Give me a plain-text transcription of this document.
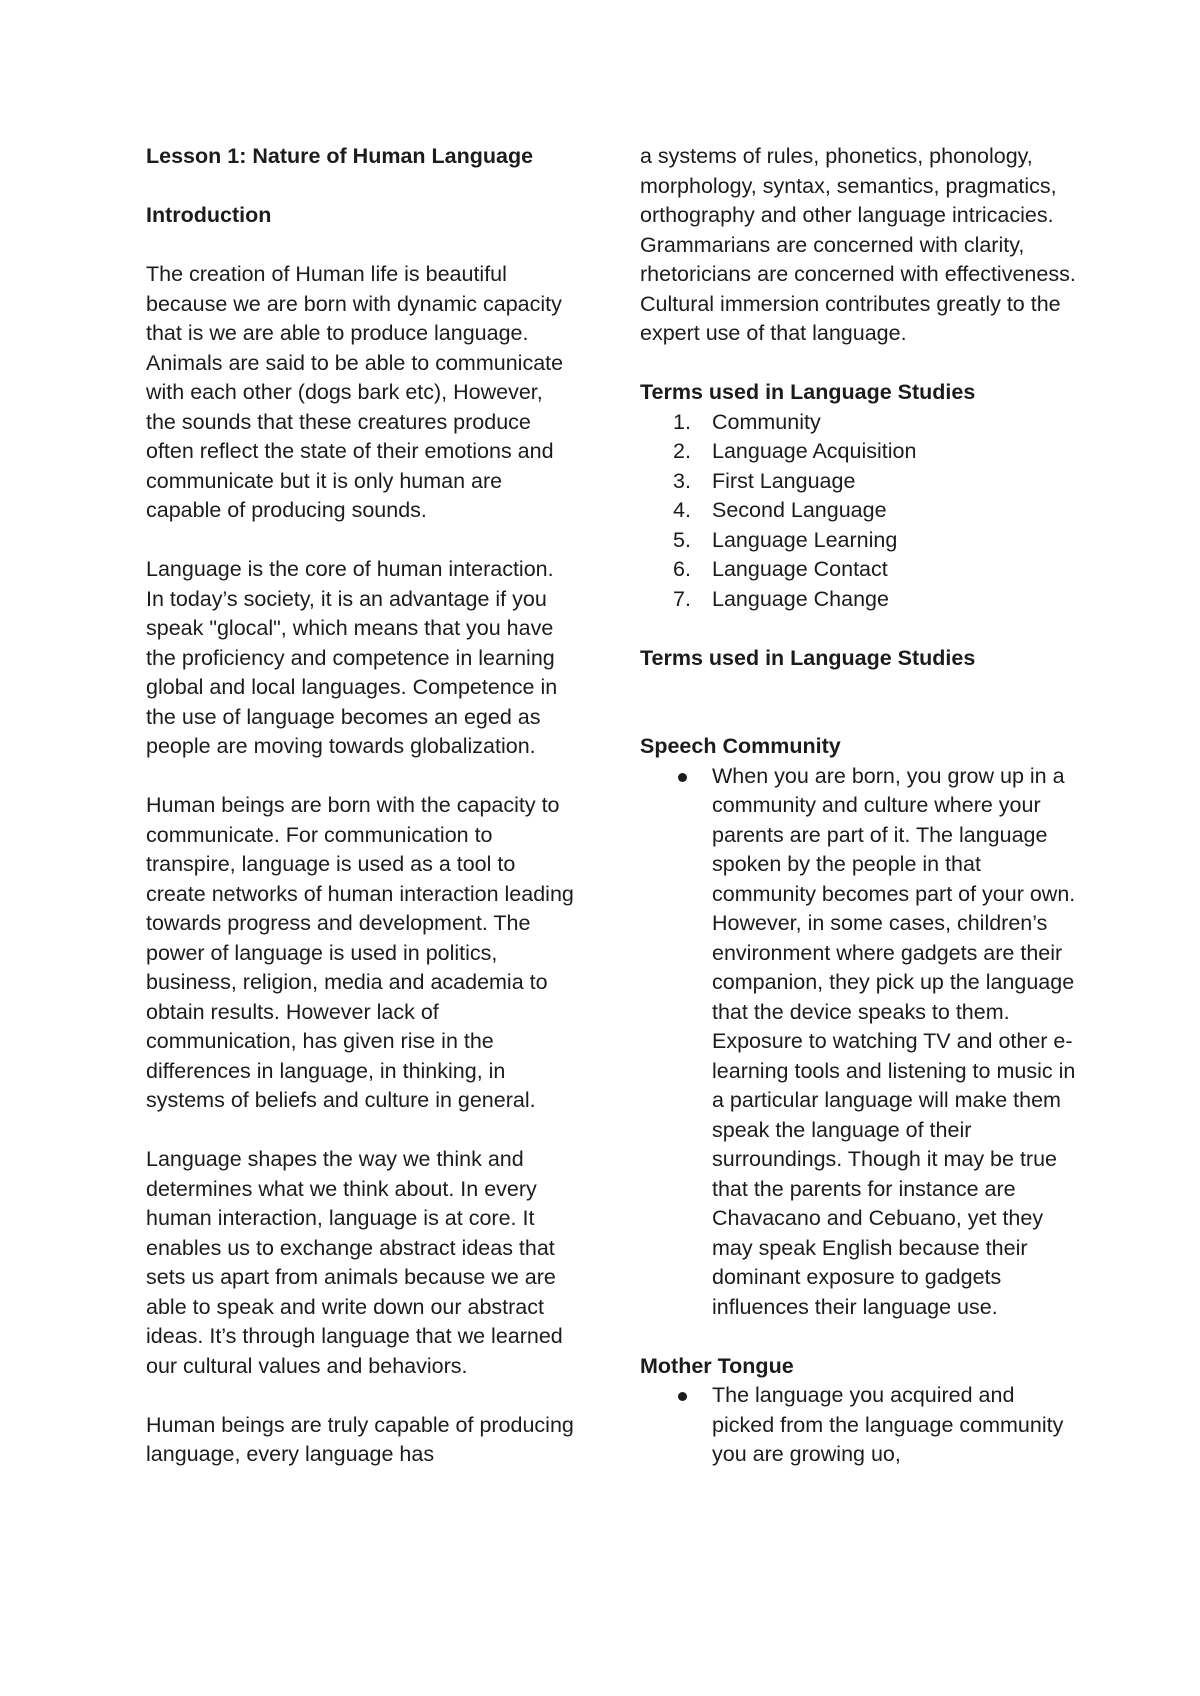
Lesson 1: Nature of Human Language
Introduction

The creation of Human life is beautiful because we are born with dynamic capacity that is we are able to produce language. Animals are said to be able to communicate with each other (dogs bark etc), However, the sounds that these creatures produce often reflect the state of their emotions and communicate but it is only human are capable of producing sounds.

Language is the core of human interaction. In today’s society, it is an advantage if you speak "glocal", which means that you have the proficiency and competence in learning global and local languages. Competence in the use of language becomes an eged as people are moving towards globalization.

Human beings are born with the capacity to communicate. For communication to transpire, language is used as a tool to create networks of human interaction leading towards progress and development. The power of language is used in politics, business, religion, media and academia to obtain results. However lack of communication, has given rise in the differences in language, in thinking, in systems of beliefs and culture in general.

Language shapes the way we think and determines what we think about. In every human interaction, language is at core. It enables us to exchange abstract ideas that sets us apart from animals because we are able to speak and write down our abstract ideas. It’s through language that we learned our cultural values and behaviors.

Human beings are truly capable of producing language, every language has

a systems of rules, phonetics, phonology, morphology, syntax, semantics, pragmatics, orthography and other language intricacies. Grammarians are concerned with clarity, rhetoricians are concerned with effectiveness. Cultural immersion contributes greatly to the expert use of that language.

Terms used in Language Studies
1. Community
2. Language Acquisition
3. First Language
4. Second Language
5. Language Learning
6. Language Contact
7. Language Change
Terms used in Language Studies
Speech Community
When you are born, you grow up in a community and culture where your parents are part of it. The language spoken by the people in that community becomes part of your own. However, in some cases, children’s environment where gadgets are their companion, they pick up the language that the device speaks to them. Exposure to watching TV and other e-learning tools and listening to music in a particular language will make them speak the language of their surroundings. Though it may be true that the parents for instance are Chavacano and Cebuano, yet they may speak English because their dominant exposure to gadgets influences their language use.
Mother Tongue
The language you acquired and picked from the language community you are growing uo,
